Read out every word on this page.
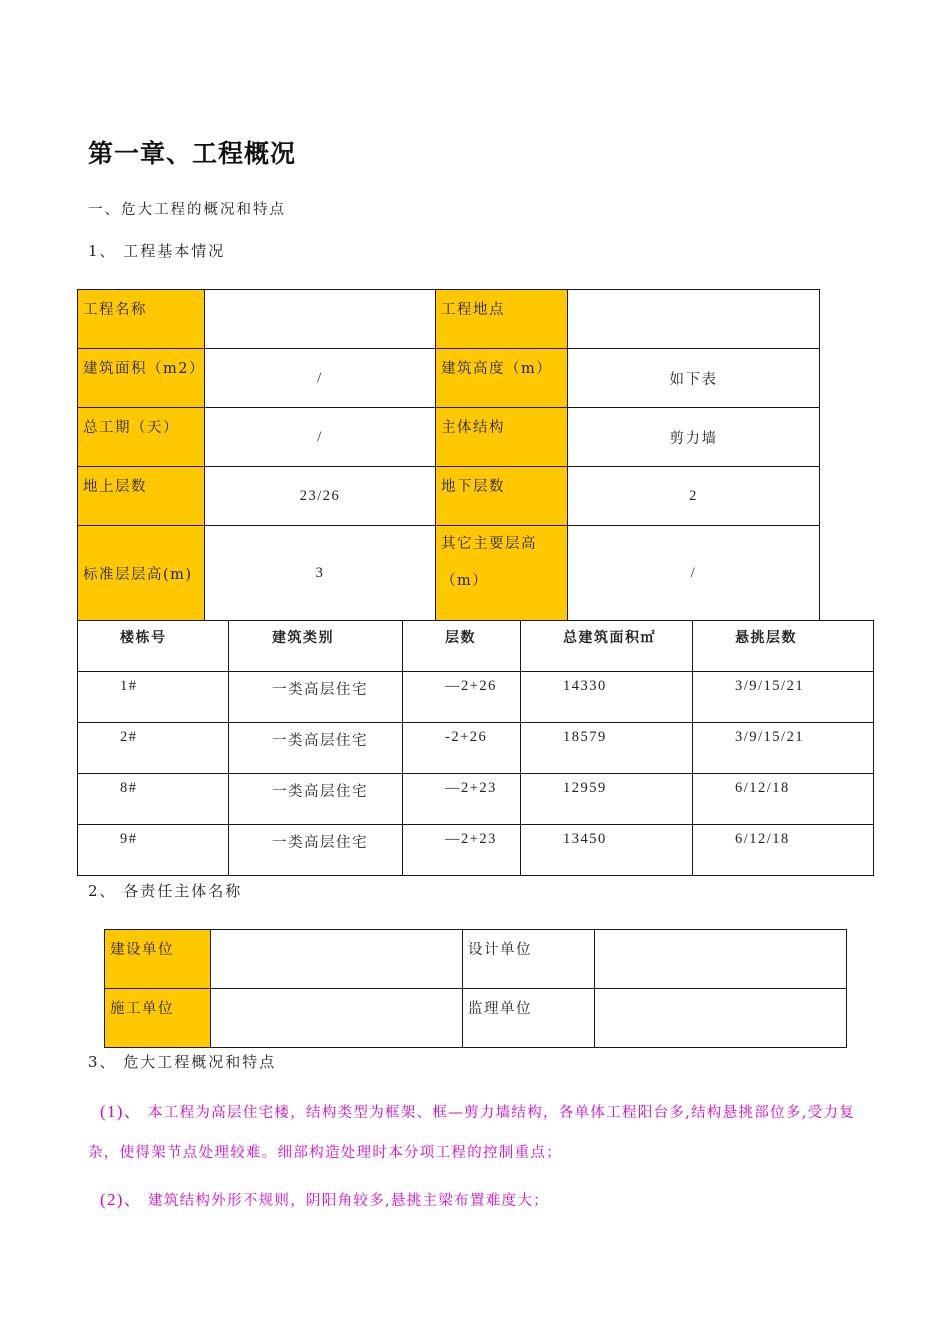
第一章、工程概况
一、危大工程的概况和特点
1、 工程基本情况
工程名称		工程地点	
建筑面积（m2）	/	建筑高度（m）	如下表
总工期（天）	/	主体结构	剪力墙
地上层数	23/26	地下层数	2
标准层层高(m)	3	其它主要层高（m）	/
楼栋号	建筑类别	层数	总建筑面积㎡	悬挑层数
1#	一类高层住宅	—2+26	14330	3/9/15/21
2#	一类高层住宅	-2+26	18579	3/9/15/21
8#	一类高层住宅	—2+23	12959	6/12/18
9#	一类高层住宅	—2+23	13450	6/12/18
2、 各责任主体名称
建设单位		设计单位	
施工单位		监理单位	
3、 危大工程概况和特点
(1)、 本工程为高层住宅楼，结构类型为框架、框—剪力墙结构，各单体工程阳台多,结构悬挑部位多,受力复杂，使得架节点处理较难。细部构造处理时本分项工程的控制重点；
(2)、 建筑结构外形不规则，阴阳角较多,悬挑主梁布置难度大；
